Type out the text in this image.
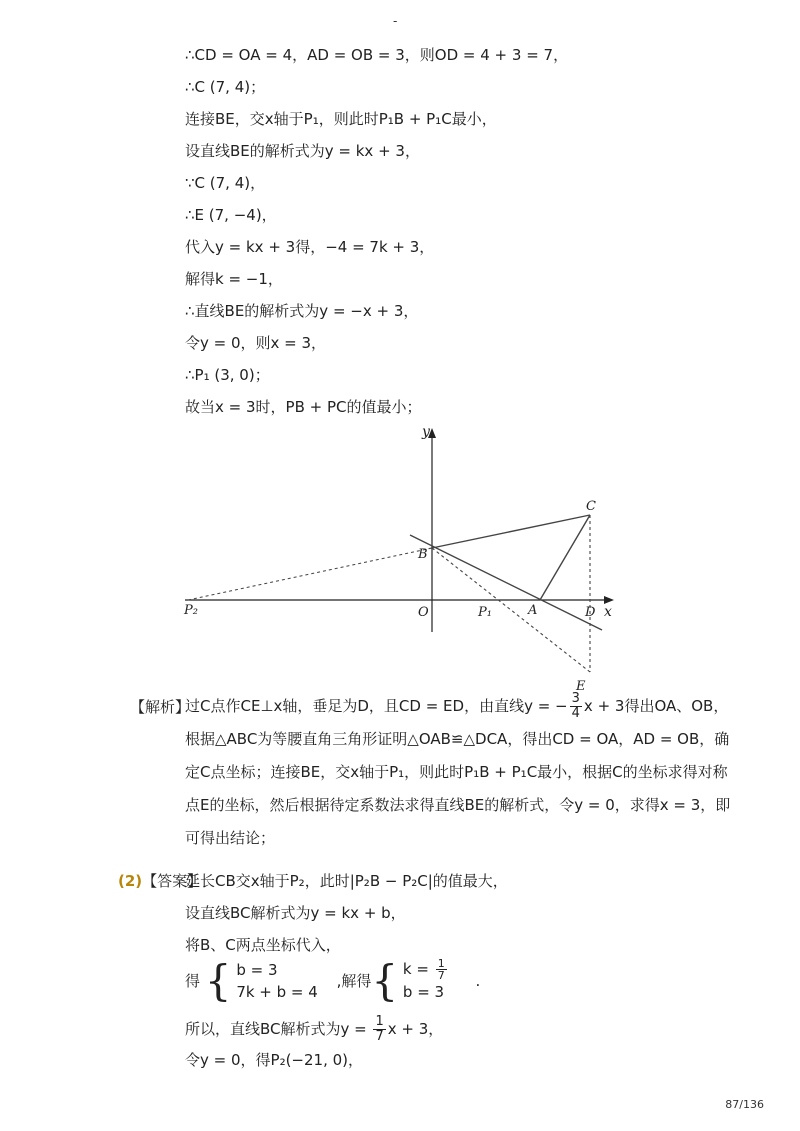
-
∴CD = OA = 4，AD = OB = 3，则OD = 4 + 3 = 7，
∴C (7, 4)；
连接BE，交x轴于P₁，则此时P₁B + P₁C最小，
设直线BE的解析式为y = kx + 3，
∵C (7, 4)，
∴E (7, −4)，
代入y = kx + 3得，−4 = 7k + 3，
解得k = −1，
∴直线BE的解析式为y = −x + 3，
令y = 0，则x = 3，
∴P₁ (3, 0)；
故当x = 3时，PB + PC的值最小；
y
x
O
B
C
A	D
E
P₁
P₂
【解析】
过C点作CE⊥x轴，垂足为D，且CD = ED，由直线y = − $\frac{3}{4}$ x + 3得出OA、OB，
根据△ABC为等腰直角三角形证明△OAB≌△DCA，得出CD = OA，AD = OB，确
定C点坐标；连接BE，交x轴于P₁，则此时P₁B + P₁C最小，根据C的坐标求得对称
点E的坐标，然后根据待定系数法求得直线BE的解析式，令y = 0，求得x = 3，即
可得出结论；
(2)【答案】
延长CB交x轴于P₂，此时|P₂B − P₂C|的值最大，
设直线BC解析式为y = kx + b，
将B、C两点坐标代入，
得 { b = 3
7k + b = 4
,解得{ $k = \frac{1}{7}$
b = 3
.
所以，直线BC解析式为$y = \frac{1}{7}$ x + 3，
令y = 0，得P₂(−21, 0)，
87/136
